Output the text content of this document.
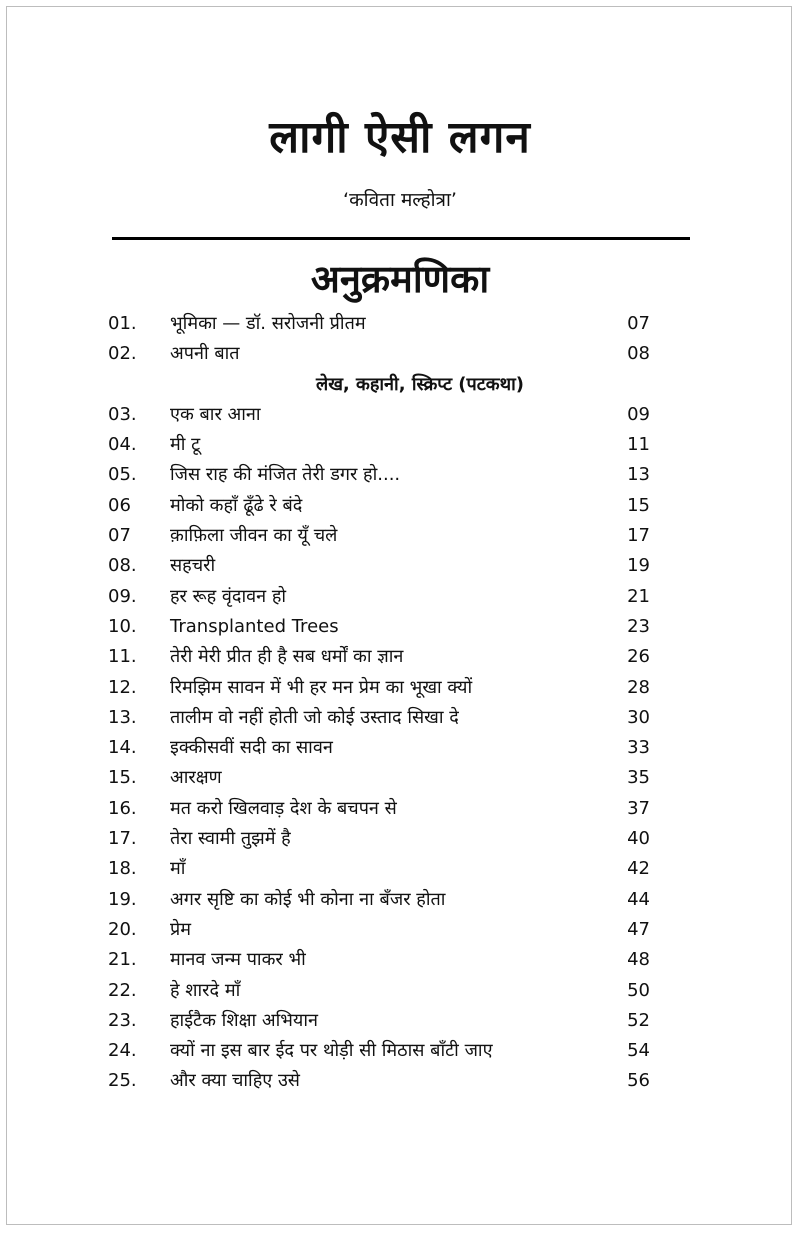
लागी ऐसी लगन
‘कविता मल्होत्रा’
अनुक्रमणिका
01. भूमिका — डॉ. सरोजनी प्रीतम	07
02. अपनी बात	08
लेख, कहानी, स्क्रिप्ट (पटकथा)
03. एक बार आना	09
04. मी टू	11
05. जिस राह की मंजित तेरी डगर हो....	13
06 मोको कहाँ ढूँढे रे बंदे	15
07 क़ाफ़िला जीवन का यूँ चले	17
08. सहचरी	19
09. हर रूह वृंदावन हो	21
10. Transplanted Trees	23
11. तेरी मेरी प्रीत ही है सब धर्मों का ज्ञान	26
12. रिमझिम सावन में भी हर मन प्रेम का भूखा क्यों	28
13. तालीम वो नहीं होती जो कोई उस्ताद सिखा दे	30
14. इक्कीसवीं सदी का सावन	33
15. आरक्षण	35
16. मत करो खिलवाड़ देश के बचपन से	37
17. तेरा स्वामी तुझमें है	40
18. माँ	42
19. अगर सृष्टि का कोई भी कोना ना बँजर होता	44
20. प्रेम	47
21. मानव जन्म पाकर भी	48
22. हे शारदे माँ	50
23. हाईटैक शिक्षा अभियान	52
24. क्यों ना इस बार ईद पर थोड़ी सी मिठास बाँटी जाए	54
25. और क्या चाहिए उसे	56
